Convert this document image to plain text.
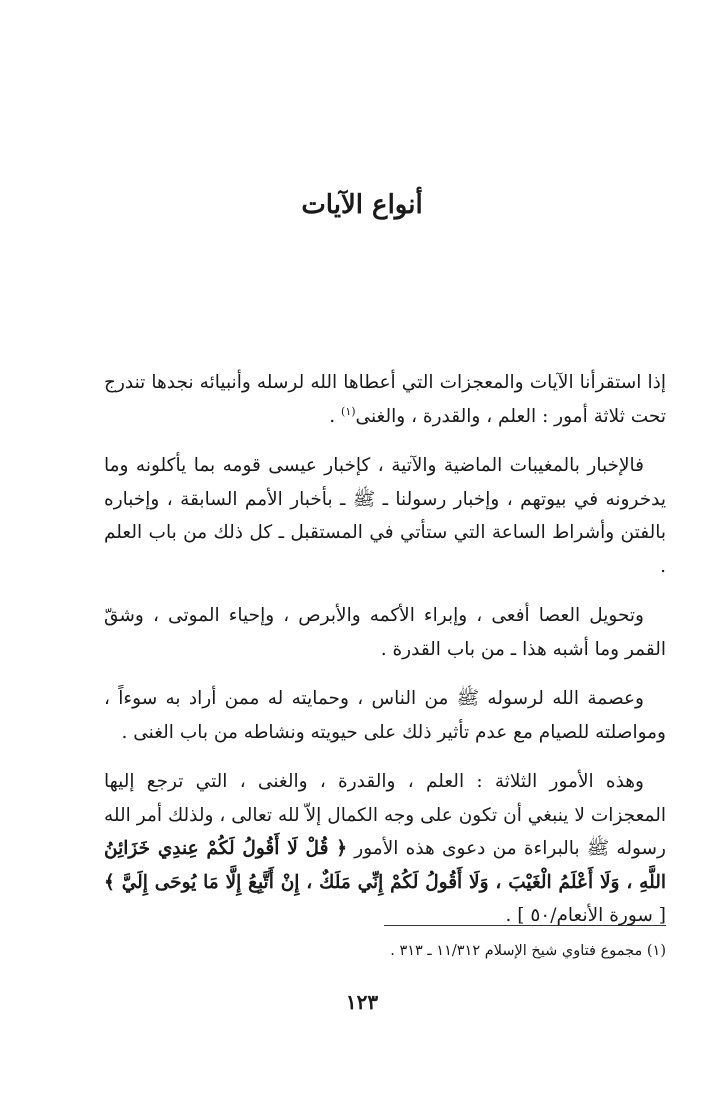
أنواع الآيات

إذا استقرأنا الآيات والمعجزات التي أعطاها الله لرسله وأنبيائه نجدها تندرج تحت ثلاثة أمور : العلم ، والقدرة ، والغنى$^{(١)}$ .

فالإخبار بالمغيبات الماضية والآتية ، كإخبار عيسى قومه بما يأكلونه وما يدخرونه في بيوتهم ، وإخبار رسولنا ـ ﷺ ـ بأخبار الأمم السابقة ، وإخباره بالفتن وأشراط الساعة التي ستأتي في المستقبل ـ كل ذلك من باب العلم .

وتحويل العصا أفعى ، وإبراء الأكمه والأبرص ، وإحياء الموتى ، وشقّ القمر وما أشبه هذا ـ من باب القدرة .

وعصمة الله لرسوله ﷺ من الناس ، وحمايته له ممن أراد به سوءاً ، ومواصلته للصيام مع عدم تأثير ذلك على حيويته ونشاطه من باب الغنى .

وهذه الأمور الثلاثة : العلم ، والقدرة ، والغنى ، التي ترجع إليها المعجزات لا ينبغي أن تكون على وجه الكمال إلاّ لله تعالى ، ولذلك أمر الله رسوله ﷺ بالبراءة من دعوى هذه الأمور ﴿ قُلْ لَا أَقُولُ لَكُمْ عِندِي خَزَائِنُ اللَّهِ ، وَلَا أَعْلَمُ الْغَيْبَ ، وَلَا أَقُولُ لَكُمْ إِنِّي مَلَكٌ ، إِنْ أَتَّبِعُ إِلَّا مَا يُوحَى إِلَيَّ ﴾ [ سورة الأنعام/٥٠ ] .

(١) مجموع فتاوي شيخ الإسلام ١١/٣١٢ ـ ٣١٣ .

١٢٣
